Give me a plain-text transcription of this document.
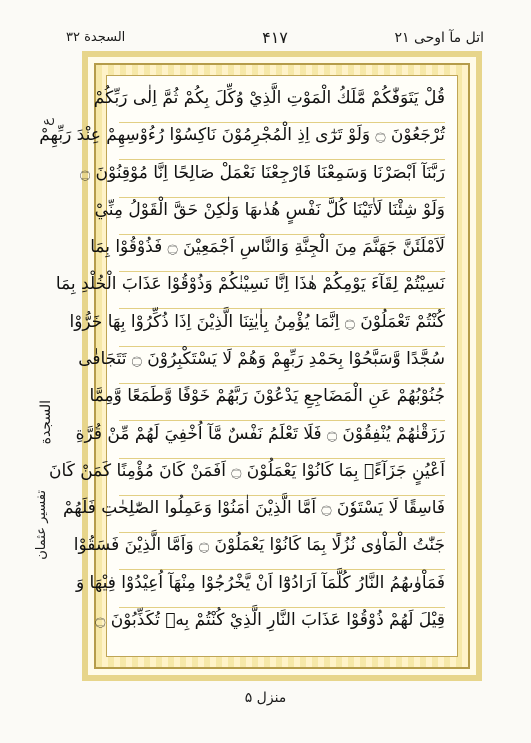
اتل مآ اوحی ۲۱
۴۱۷
السجدة ۳۲
ع
السجدة
تفسیر عثمان
قُلْ يَتَوَفّٰكُمْ مَّلَكُ الْمَوْتِ الَّذِيْ وُكِّلَ بِكُمْ ثُمَّ اِلٰى رَبِّكُمْ
تُرْجَعُوْنَ ۝ وَلَوْ تَرٰٓى اِذِ الْمُجْرِمُوْنَ نَاكِسُوْا رُءُوْسِهِمْ عِنْدَ رَبِّهِمْ
رَبَّنَآ اَبْصَرْنَا وَسَمِعْنَا فَارْجِعْنَا نَعْمَلْ صَالِحًا اِنَّا مُوْقِنُوْنَ ۝
وَلَوْ شِئْنَا لَاٰتَيْنَا كُلَّ نَفْسٍ هُدٰىهَا وَلٰكِنْ حَقَّ الْقَوْلُ مِنِّيْ
لَاَمْلَئَنَّ جَهَنَّمَ مِنَ الْجِنَّةِ وَالنَّاسِ اَجْمَعِيْنَ ۝ فَذُوْقُوْا بِمَا
نَسِيْتُمْ لِقَآءَ يَوْمِكُمْ هٰذَا اِنَّا نَسِيْنٰكُمْ وَذُوْقُوْا عَذَابَ الْخُلْدِ بِمَا
كُنْتُمْ تَعْمَلُوْنَ ۝ اِنَّمَا يُؤْمِنُ بِاٰيٰتِنَا الَّذِيْنَ اِذَا ذُكِّرُوْا بِهَا خَرُّوْا
سُجَّدًا وَّسَبَّحُوْا بِحَمْدِ رَبِّهِمْ وَهُمْ لَا يَسْتَكْبِرُوْنَ ۝ تَتَجَافٰى
جُنُوْبُهُمْ عَنِ الْمَضَاجِعِ يَدْعُوْنَ رَبَّهُمْ خَوْفًا وَّطَمَعًا وَّمِمَّا
رَزَقْنٰهُمْ يُنْفِقُوْنَ ۝ فَلَا تَعْلَمُ نَفْسٌ مَّآ اُخْفِيَ لَهُمْ مِّنْ قُرَّةِ
اَعْيُنٍ جَزَآءًۢ بِمَا كَانُوْا يَعْمَلُوْنَ ۝ اَفَمَنْ كَانَ مُؤْمِنًا كَمَنْ كَانَ
فَاسِقًا لَا يَسْتَوٗنَ ۝ اَمَّا الَّذِيْنَ اٰمَنُوْا وَعَمِلُوا الصّٰلِحٰتِ فَلَهُمْ
جَنّٰتُ الْمَاْوٰى نُزُلًا بِمَا كَانُوْا يَعْمَلُوْنَ ۝ وَاَمَّا الَّذِيْنَ فَسَقُوْا
فَمَاْوٰىهُمُ النَّارُ كُلَّمَآ اَرَادُوْٓا اَنْ يَّخْرُجُوْا مِنْهَآ اُعِيْدُوْا فِيْهَا وَ
قِيْلَ لَهُمْ ذُوْقُوْا عَذَابَ النَّارِ الَّذِيْ كُنْتُمْ بِهٖ تُكَذِّبُوْنَ ۝
منزل ۵
